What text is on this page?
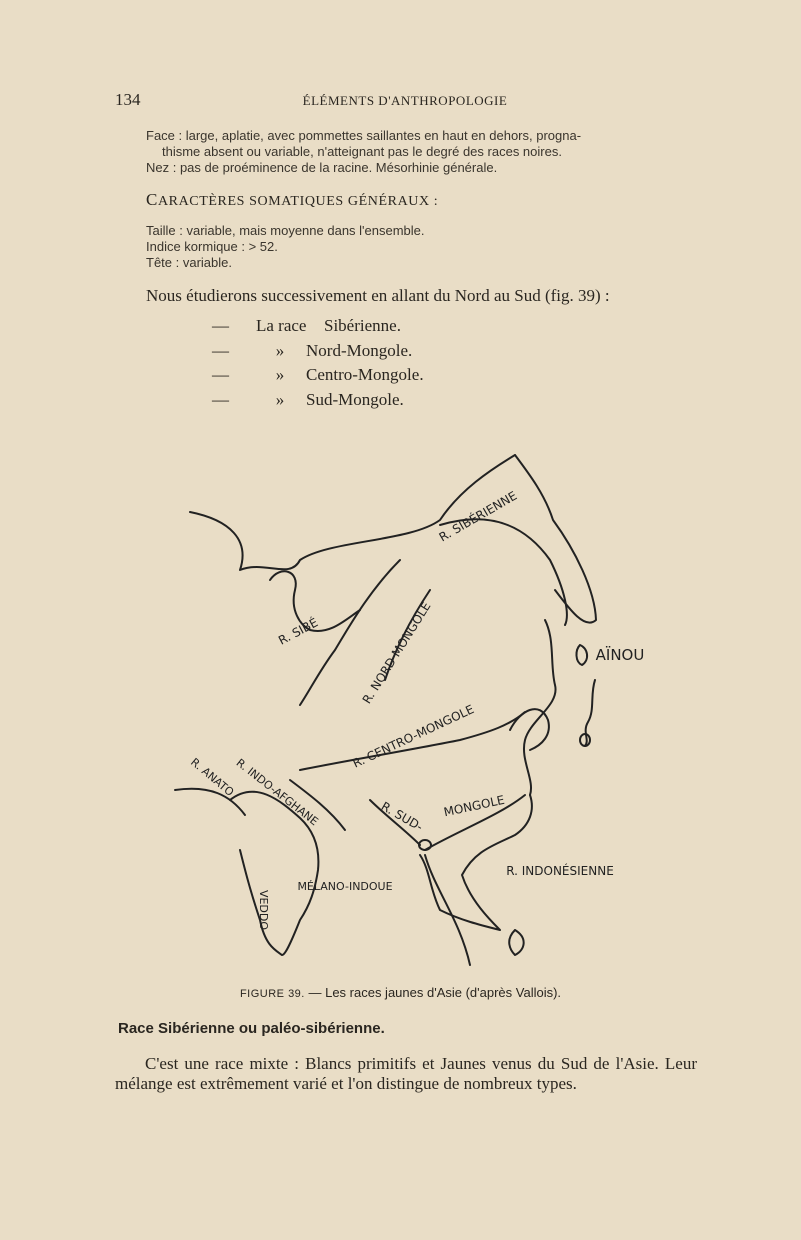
134	ÉLÉMENTS D'ANTHROPOLOGIE

Face : large, aplatie, avec pommettes saillantes en haut en dehors, progna-

thisme absent ou variable, n'atteignant pas le degré des races noires.

Nez : pas de proéminence de la racine. Mésorhinie générale.

CARACTÈRES SOMATIQUES GÉNÉRAUX :

Taille : variable, mais moyenne dans l'ensemble.

Indice kormique : > 52.

Tête : variable.

Nous étudierons successivement en allant du Nord au Sud (fig. 39) :
—	La race	Sibérienne.
—	»	Nord-Mongole.
—	»	Centro-Mongole.
—	»	Sud-Mongole.
R. SIBÉRIENNE
R. SIBÉ	R. NORD MONGOLE	AÏNOU
R. CENTRO-MONGOLE
R. ANATO
R. INDO-AFGHANE	R. SUD- MONGOLE
R. INDONÉSIENNE
MÉLANO-INDOUE
VEDDO
FIGURE 39. — Les races jaunes d'Asie (d'après Vallois).
Race Sibérienne ou paléo-sibérienne.

C'est une race mixte : Blancs primitifs et Jaunes venus du Sud de l'Asie. Leur mélange est extrêmement varié et l'on distingue de nombreux types.
